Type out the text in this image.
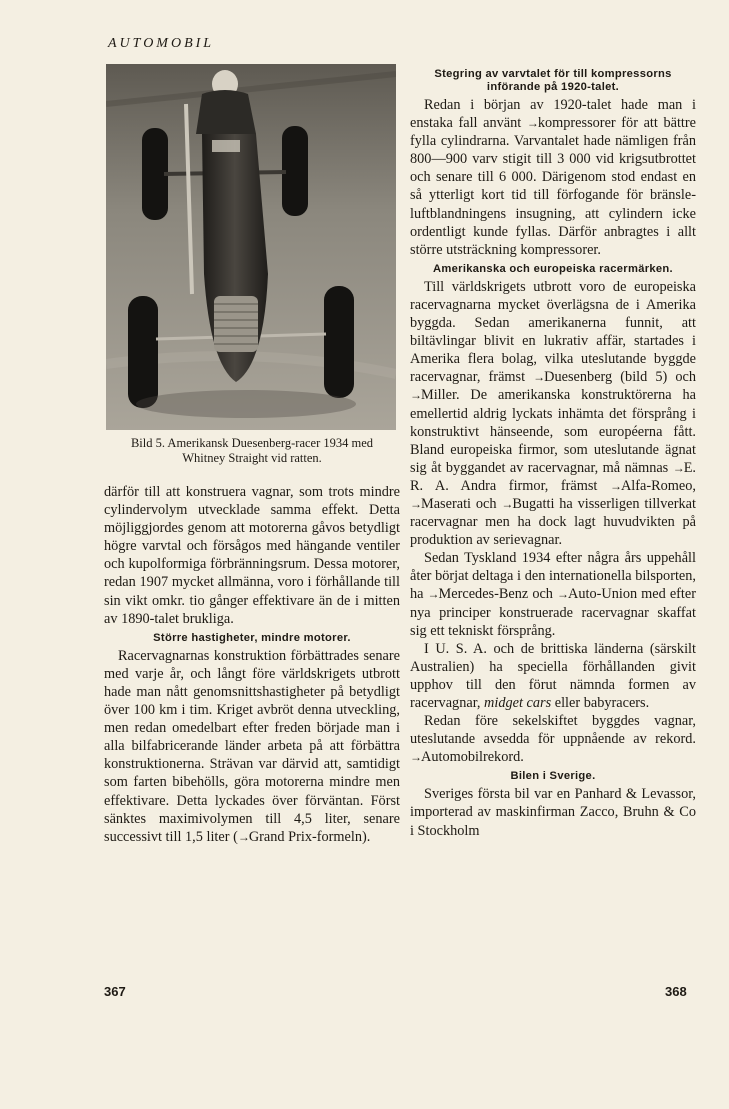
AUTOMOBIL
Bild 5. Amerikansk Duesenberg-racer 1934 med
Whitney Straight vid ratten.

därför till att konstruera vagnar, som trots mindre cylindervolym utvecklade samma effekt. Detta möjliggjordes genom att motorerna gåvos betydligt högre varvtal och försågos med hängande ventiler och kupolformiga förbränningsrum. Dessa motorer, redan 1907 mycket allmänna, voro i förhållande till sin vikt omkr. tio gånger effektivare än de i mitten av 1890-talet brukliga.

Större hastigheter, mindre motorer.

Racervagnarnas konstruktion förbättrades senare med varje år, och långt före världskrigets utbrott hade man nått genomsnittshastigheter på betydligt över 100 km i tim. Kriget avbröt denna utveckling, men redan omedelbart efter freden började man i alla bilfabricerande länder arbeta på att förbättra konstruktionerna. Strävan var därvid att, samtidigt som farten bibehölls, göra motorerna mindre men effektivare. Detta lyckades över förväntan. Först sänktes maximivolymen till 4,5 liter, senare successivt till 1,5 liter (→Grand Prix-formeln).

Stegring av varvtalet för till kompressorns införande på 1920-talet.

Redan i början av 1920-talet hade man i enstaka fall använt →kompressorer för att bättre fylla cylindrarna. Varvantalet hade nämligen från 800—900 varv stigit till 3 000 vid krigsutbrottet och senare till 6 000. Därigenom stod endast en så ytterligt kort tid till förfogande för bränsle-luftblandningens insugning, att cylindern icke ordentligt kunde fyllas. Därför anbragtes i allt större utsträckning kompressorer.

Amerikanska och europeiska racermärken.

Till världskrigets utbrott voro de europeiska racervagnarna mycket överlägsna de i Amerika byggda. Sedan amerikanerna funnit, att biltävlingar blivit en lukrativ affär, startades i Amerika flera bolag, vilka uteslutande byggde racervagnar, främst →Duesenberg (bild 5) och →Miller. De amerikanska konstruktörerna ha emellertid aldrig lyckats inhämta det försprång i konstruktivt hänseende, som européerna fått. Bland europeiska firmor, som uteslutande ägnat sig åt byggandet av racervagnar, må nämnas →E. R. A. Andra firmor, främst →Alfa-Romeo, →Maserati och →Bugatti ha visserligen tillverkat racervagnar men ha dock lagt huvudvikten på produktion av serievagnar.

Sedan Tyskland 1934 efter några års uppehåll åter börjat deltaga i den internationella bilsporten, ha →Mercedes-Benz och →Auto-Union med efter nya principer konstruerade racervagnar skaffat sig ett tekniskt försprång.

I U. S. A. och de brittiska länderna (särskilt Australien) ha speciella förhållanden givit upphov till den förut nämnda formen av racervagnar, midget cars eller babyracers.

Redan före sekelskiftet byggdes vagnar, uteslutande avsedda för uppnående av rekord. →Automobilrekord.

Bilen i Sverige.

Sveriges första bil var en Panhard & Levassor, importerad av maskinfirman Zacco, Bruhn & Co i Stockholm

367	368
